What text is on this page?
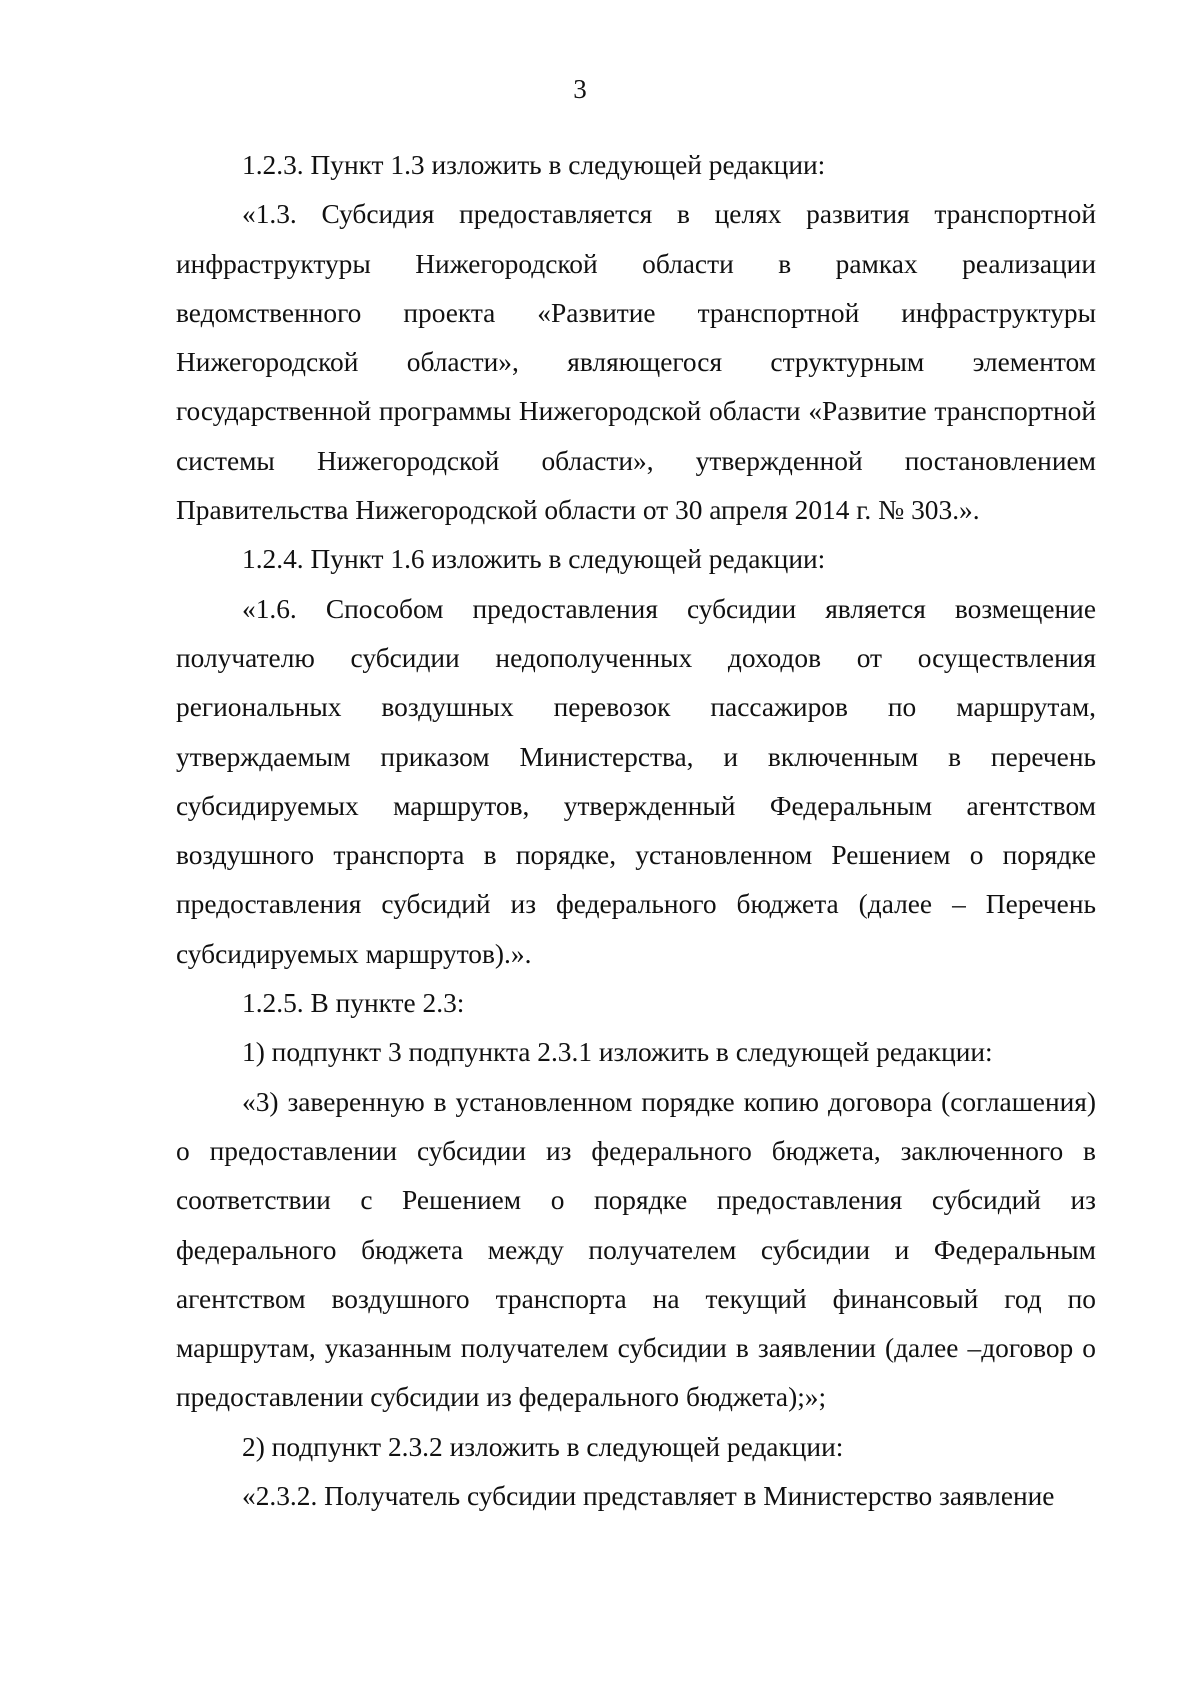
3

1.2.3. Пункт 1.3 изложить в следующей редакции:

«1.3. Субсидия предоставляется в целях развития транспортной инфраструктуры Нижегородской области в рамках реализации ведомственного проекта «Развитие транспортной инфраструктуры Нижегородской области», являющегося структурным элементом государственной программы Нижегородской области «Развитие транспортной системы Нижегородской области», утвержденной постановлением Правительства Нижегородской области от 30 апреля 2014 г. № 303.».

1.2.4. Пункт 1.6 изложить в следующей редакции:

«1.6. Способом предоставления субсидии является возмещение получателю субсидии недополученных доходов от осуществления региональных воздушных перевозок пассажиров по маршрутам, утверждаемым приказом Министерства, и включенным в перечень субсидируемых маршрутов, утвержденный Федеральным агентством воздушного транспорта в порядке, установленном Решением о порядке предоставления субсидий из федерального бюджета (далее – Перечень субсидируемых маршрутов).».

1.2.5. В пункте 2.3:

1) подпункт 3 подпункта 2.3.1 изложить в следующей редакции:

«3) заверенную в установленном порядке копию договора (соглашения) о предоставлении субсидии из федерального бюджета, заключенного в соответствии с Решением о порядке предоставления субсидий из федерального бюджета между получателем субсидии и Федеральным агентством воздушного транспорта на текущий финансовый год по маршрутам, указанным получателем субсидии в заявлении (далее –договор о предоставлении субсидии из федерального бюджета);»;

2) подпункт 2.3.2 изложить в следующей редакции:

«2.3.2. Получатель субсидии представляет в Министерство заявление
